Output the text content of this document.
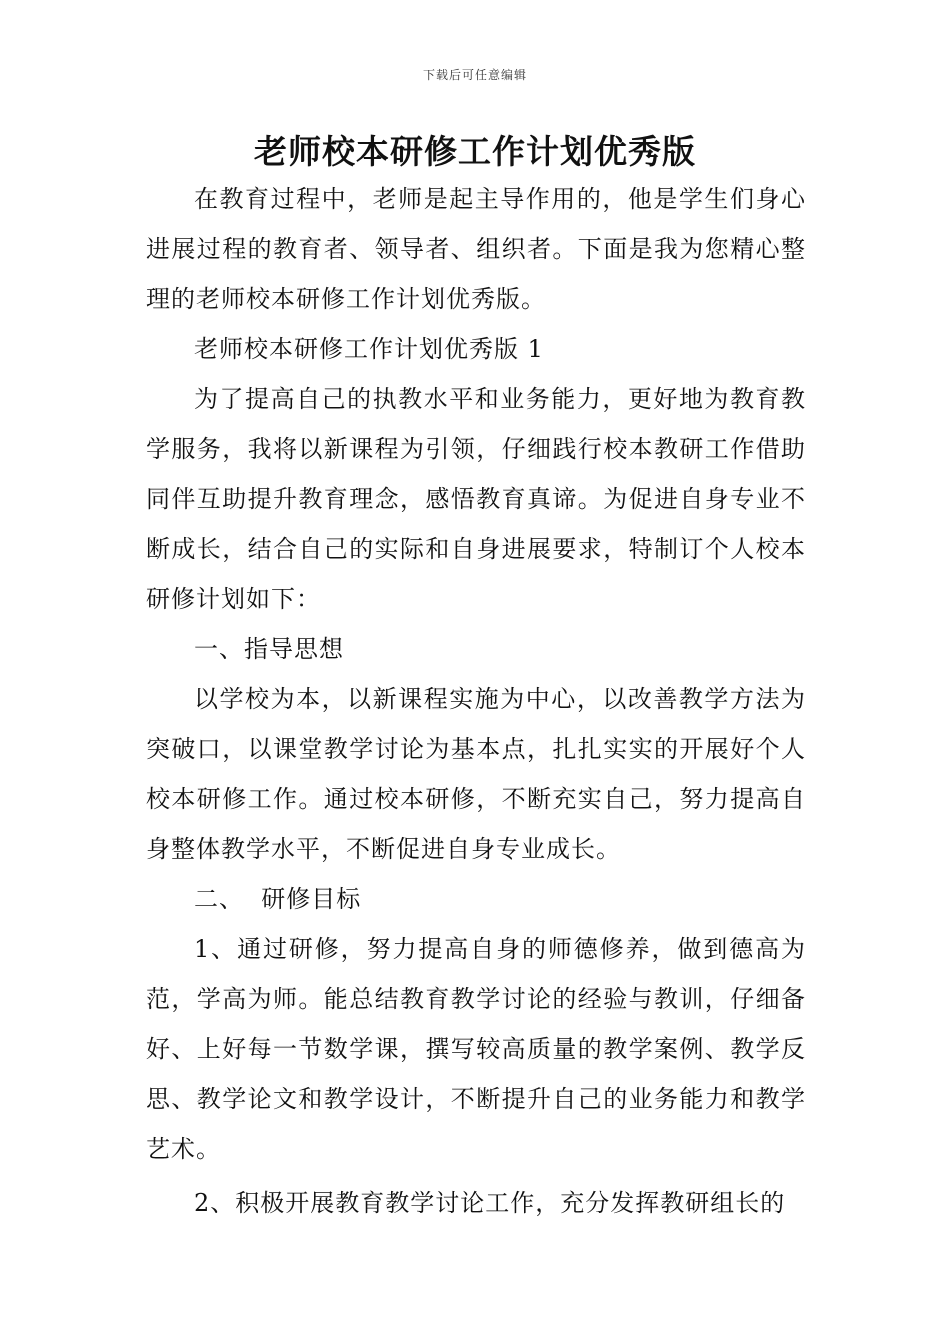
下载后可任意编辑
老师校本研修工作计划优秀版

在教育过程中，老师是起主导作用的，他是学生们身心进展过程的教育者、领导者、组织者。下面是我为您精心整理的老师校本研修工作计划优秀版。

老师校本研修工作计划优秀版 1

为了提高自己的执教水平和业务能力，更好地为教育教学服务，我将以新课程为引领，仔细践行校本教研工作借助同伴互助提升教育理念，感悟教育真谛。为促进自身专业不断成长，结合自己的实际和自身进展要求，特制订个人校本研修计划如下：

一、指导思想

以学校为本，以新课程实施为中心，以改善教学方法为突破口，以课堂教学讨论为基本点，扎扎实实的开展好个人校本研修工作。通过校本研修，不断充实自己，努力提高自身整体教学水平，不断促进自身专业成长。

二、  研修目标

1、通过研修，努力提高自身的师德修养，做到德高为范，学高为师。能总结教育教学讨论的经验与教训，仔细备好、上好每一节数学课，撰写较高质量的教学案例、教学反思、教学论文和教学设计，不断提升自己的业务能力和教学艺术。

2、积极开展教育教学讨论工作，充分发挥教研组长的
